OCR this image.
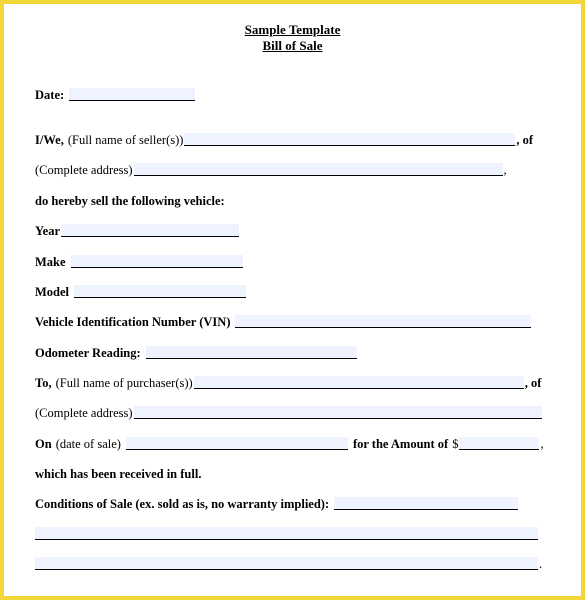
Sample Template
Bill of Sale
Date:
I/We, (Full name of seller(s))	, of
(Complete address)	,
do hereby sell the following vehicle:
Year
Make
Model
Vehicle Identification Number (VIN)
Odometer Reading:
To, (Full name of purchaser(s))	, of
(Complete address)
On (date of sale)	for the Amount of $	,
which has been received in full.
Conditions of Sale (ex. sold as is, no warranty implied):
.
